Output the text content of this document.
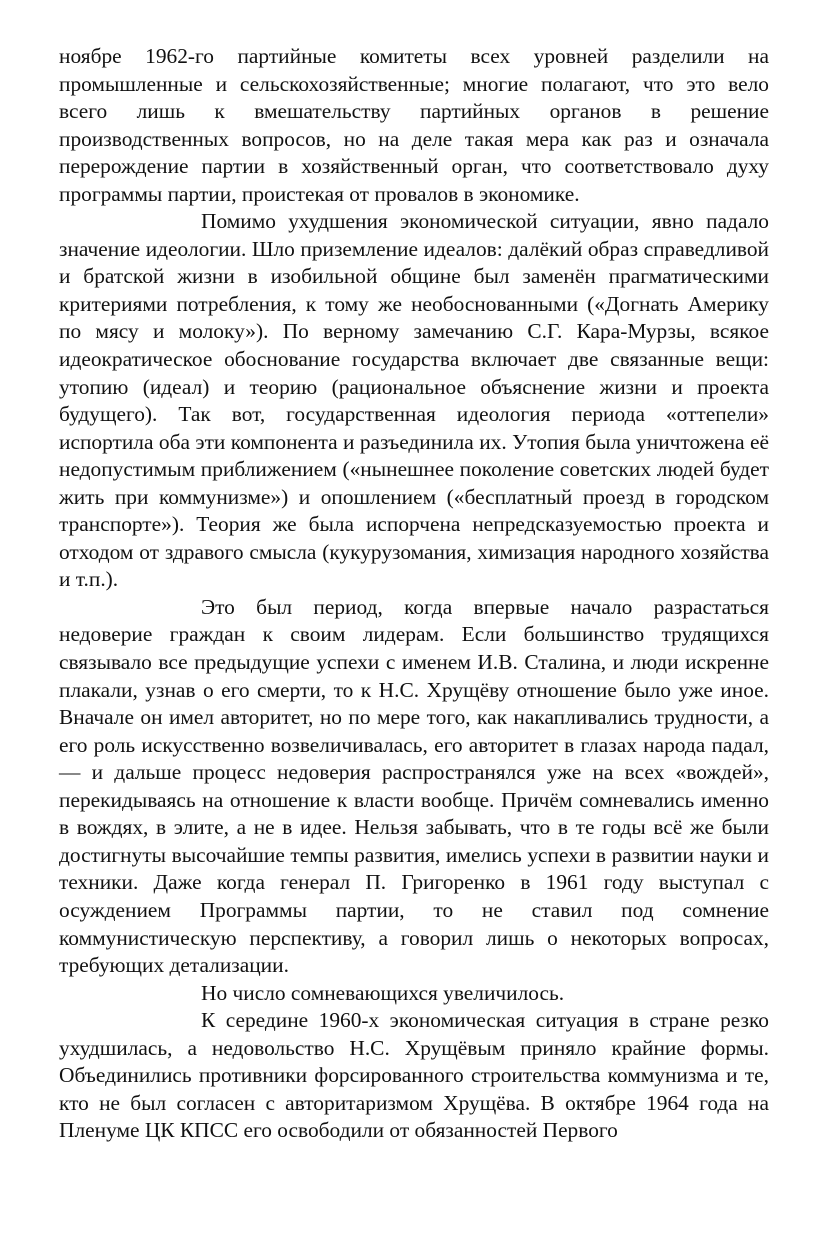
ноябре 1962-го партийные комитеты всех уровней разделили на промышленные и сельскохозяйственные; многие полагают, что это вело всего лишь к вмешательству партийных органов в решение производственных вопросов, но на деле такая мера как раз и означала перерождение партии в хозяйственный орган, что соответствовало духу программы партии, проистекая от провалов в экономике.

Помимо ухудшения экономической ситуации, явно падало значение идеологии. Шло приземление идеалов: далёкий образ справедливой и братской жизни в изобильной общине был заменён прагматическими критериями потребления, к тому же необоснованными («Догнать Америку по мясу и молоку»). По верному замечанию С.Г. Кара-Мурзы, всякое идеократическое обоснование государства включает две связанные вещи: утопию (идеал) и теорию (рациональное объяснение жизни и проекта будущего). Так вот, государственная идеология периода «оттепели» испортила оба эти компонента и разъединила их. Утопия была уничтожена её недопустимым приближением («нынешнее поколение советских людей будет жить при коммунизме») и опошлением («бесплатный проезд в городском транспорте»). Теория же была испорчена непредсказуемостью проекта и отходом от здравого смысла (кукурузомания, химизация народного хозяйства и т.п.).

Это был период, когда впервые начало разрастаться недоверие граждан к своим лидерам. Если большинство трудящихся связывало все предыдущие успехи с именем И.В. Сталина, и люди искренне плакали, узнав о его смерти, то к Н.С. Хрущёву отношение было уже иное. Вначале он имел авторитет, но по мере того, как накапливались трудности, а его роль искусственно возвеличивалась, его авторитет в глазах народа падал, — и дальше процесс недоверия распространялся уже на всех «вождей», перекидываясь на отношение к власти вообще. Причём сомневались именно в вождях, в элите, а не в идее. Нельзя забывать, что в те годы всё же были достигнуты высочайшие темпы развития, имелись успехи в развитии науки и техники. Даже когда генерал П. Григоренко в 1961 году выступал с осуждением Программы партии, то не ставил под сомнение коммунистическую перспективу, а говорил лишь о некоторых вопросах, требующих детализации.

Но число сомневающихся увеличилось.

К середине 1960-х экономическая ситуация в стране резко ухудшилась, а недовольство Н.С. Хрущёвым приняло крайние формы. Объединились противники форсированного строительства коммунизма и те, кто не был согласен с авторитаризмом Хрущёва. В октябре 1964 года на Пленуме ЦК КПСС его освободили от обязанностей Первого
